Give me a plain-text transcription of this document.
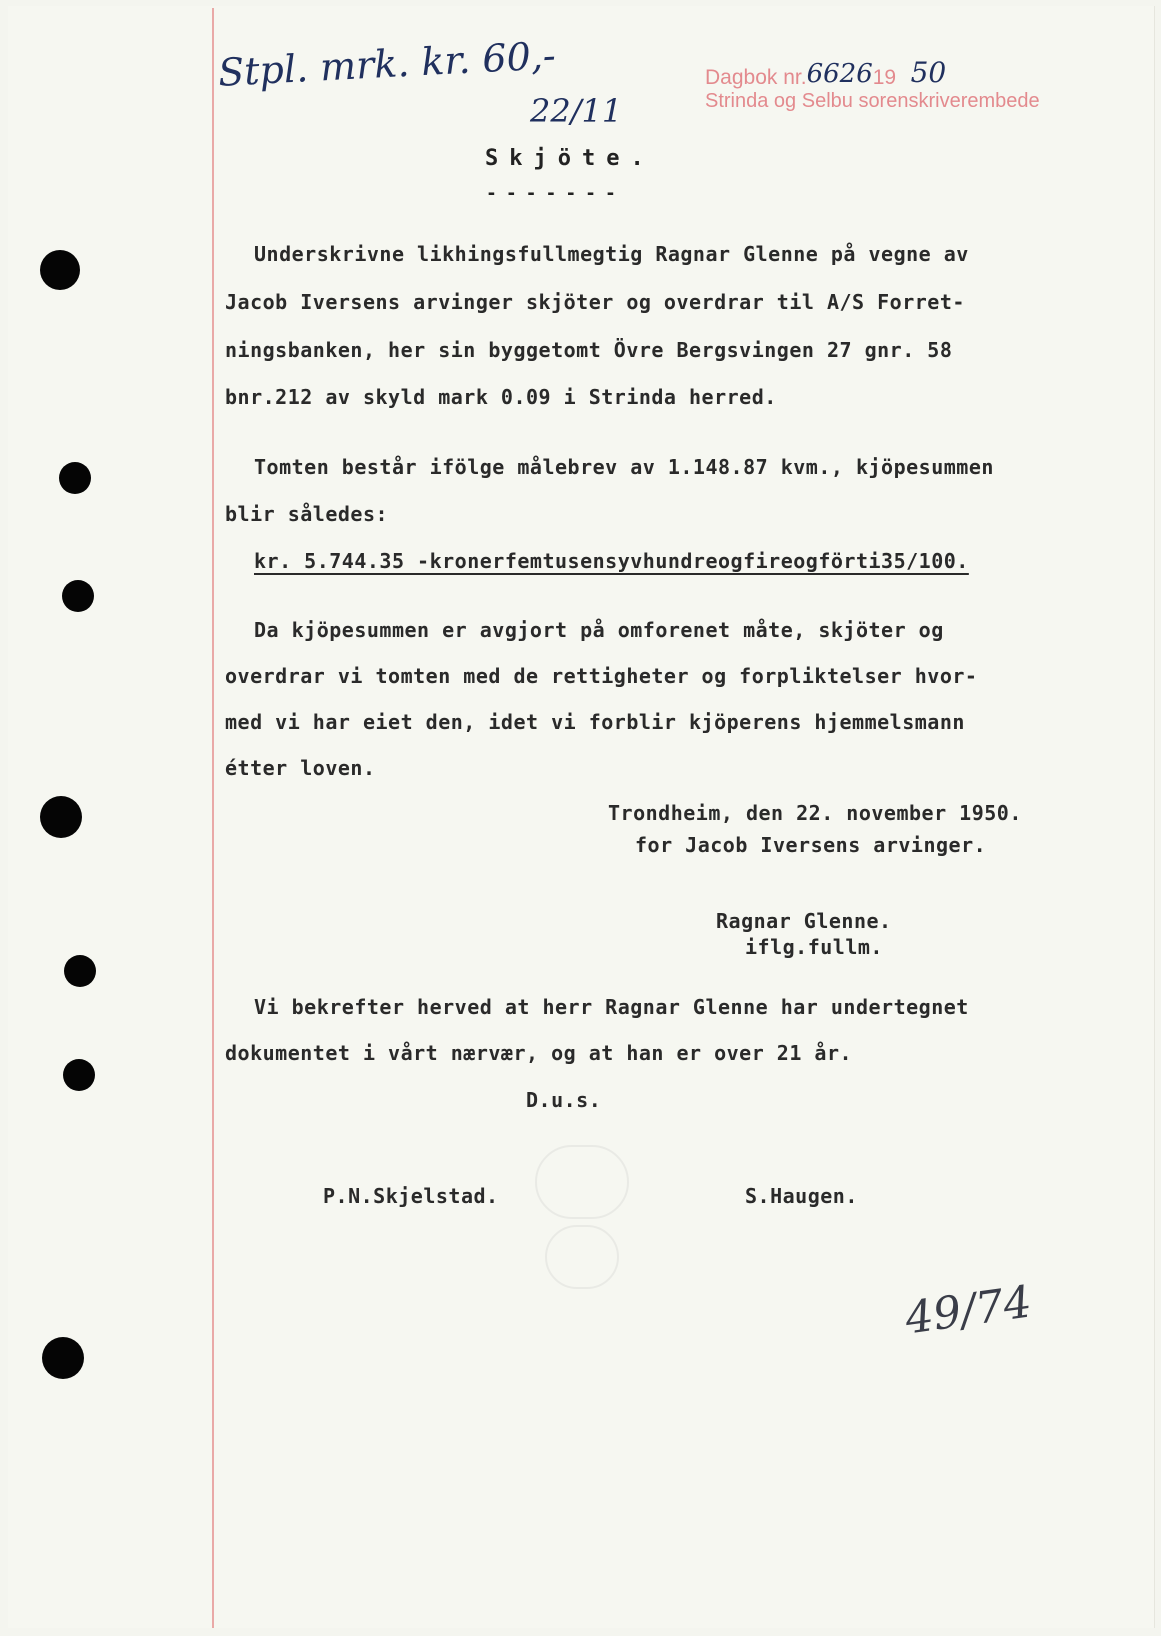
Stpl. mrk. kr. 60,-
22/11
49/74
Dagbok nr.662619 50
Strinda og Selbu sorenskriverembede
Skjöte.
-------
Underskrivne likhingsfullmegtig Ragnar Glenne på vegne av
Jacob Iversens arvinger skjöter og overdrar til A/S Forret-
ningsbanken, her sin byggetomt Övre Bergsvingen 27 gnr. 58
bnr.212 av skyld mark 0.09 i Strinda herred.
Tomten består ifölge målebrev av 1.148.87 kvm., kjöpesummen
blir således:
kr. 5.744.35 -kronerfemtusensyvhundreogfireogförti35/100.
Da kjöpesummen er avgjort på omforenet måte, skjöter og
overdrar vi tomten med de rettigheter og forpliktelser hvor-
med vi har eiet den, idet vi forblir kjöperens hjemmelsmann
étter loven.
Trondheim, den 22. november 1950.
for Jacob Iversens arvinger.
Ragnar Glenne.
iflg.fullm.
Vi bekrefter herved at herr Ragnar Glenne har undertegnet
dokumentet i vårt nærvær, og at han er over 21 år.
D.u.s.
P.N.Skjelstad.	S.Haugen.
